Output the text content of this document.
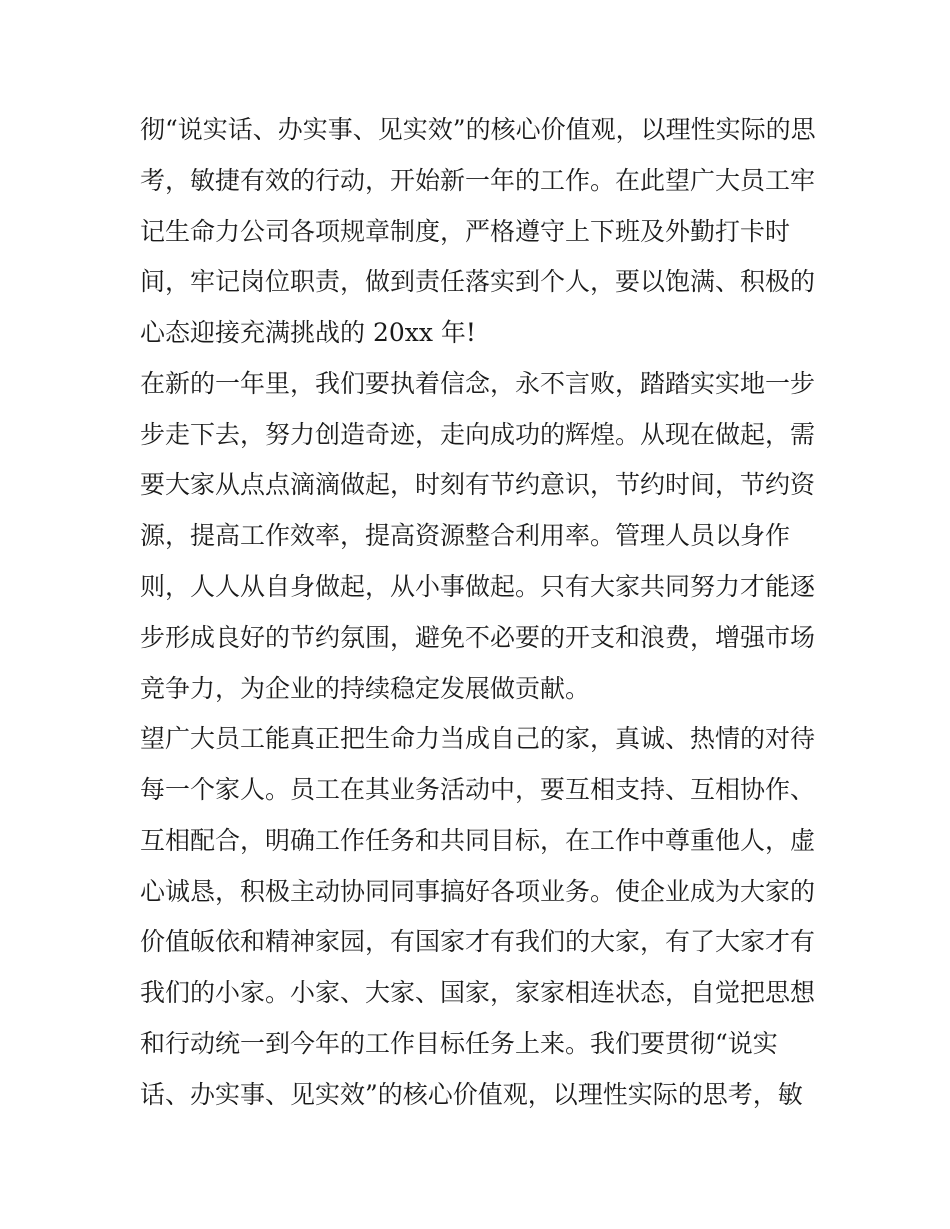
彻“说实话、办实事、见实效”的核心价值观，以理性实际的思
考，敏捷有效的行动，开始新一年的工作。在此望广大员工牢
记生命力公司各项规章制度，严格遵守上下班及外勤打卡时
间，牢记岗位职责，做到责任落实到个人，要以饱满、积极的
心态迎接充满挑战的 20xx 年!
在新的一年里，我们要执着信念，永不言败，踏踏实实地一步
步走下去，努力创造奇迹，走向成功的辉煌。从现在做起，需
要大家从点点滴滴做起，时刻有节约意识，节约时间，节约资
源，提高工作效率，提高资源整合利用率。管理人员以身作
则，人人从自身做起，从小事做起。只有大家共同努力才能逐
步形成良好的节约氛围，避免不必要的开支和浪费，增强市场
竞争力，为企业的持续稳定发展做贡献。
望广大员工能真正把生命力当成自己的家，真诚、热情的对待
每一个家人。员工在其业务活动中，要互相支持、互相协作、
互相配合，明确工作任务和共同目标，在工作中尊重他人，虚
心诚恳，积极主动协同同事搞好各项业务。使企业成为大家的
价值皈依和精神家园，有国家才有我们的大家，有了大家才有
我们的小家。小家、大家、国家，家家相连状态，自觉把思想
和行动统一到今年的工作目标任务上来。我们要贯彻“说实
话、办实事、见实效”的核心价值观，以理性实际的思考，敏
